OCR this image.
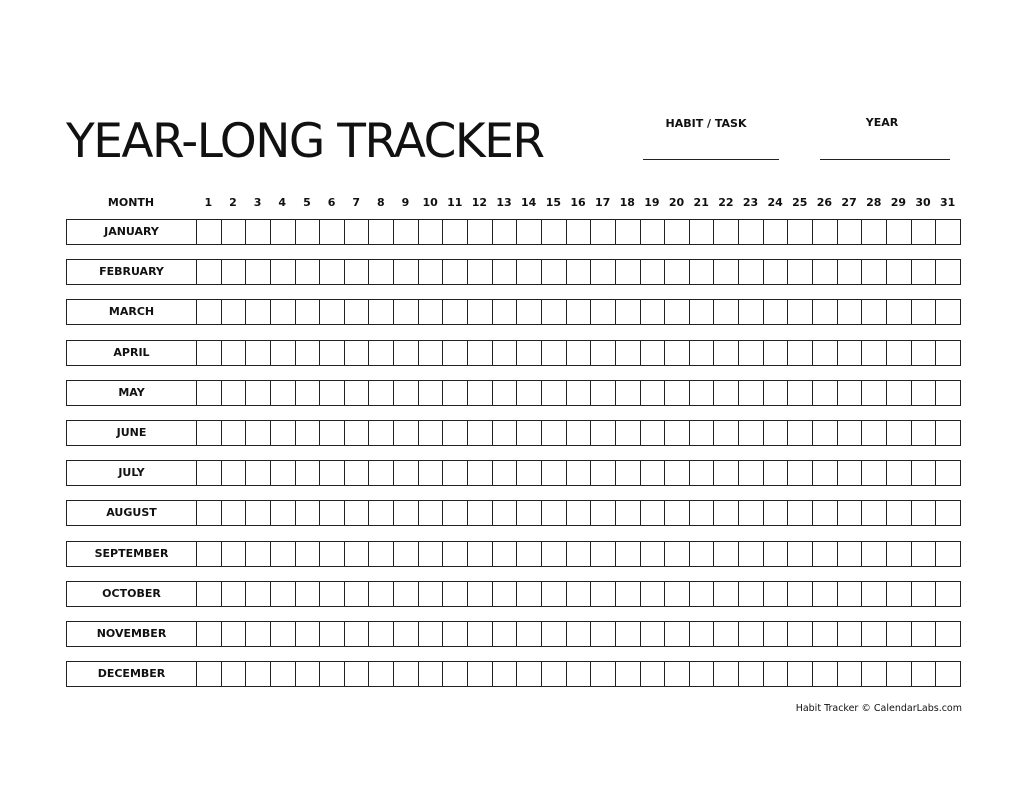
YEAR-LONG TRACKER	HABIT / TASK	YEAR
MONTH	1	2	3	4	5	6	7	8	9	10 11 12 13 14 15 16 17 18 19 20 21 22 23 24 25 26 27 28 29 30 31
JANUARY
FEBRUARY
MARCH
APRIL
MAY
JUNE
JULY
AUGUST
SEPTEMBER
OCTOBER
NOVEMBER
DECEMBER
Habit Tracker © CalendarLabs.com
